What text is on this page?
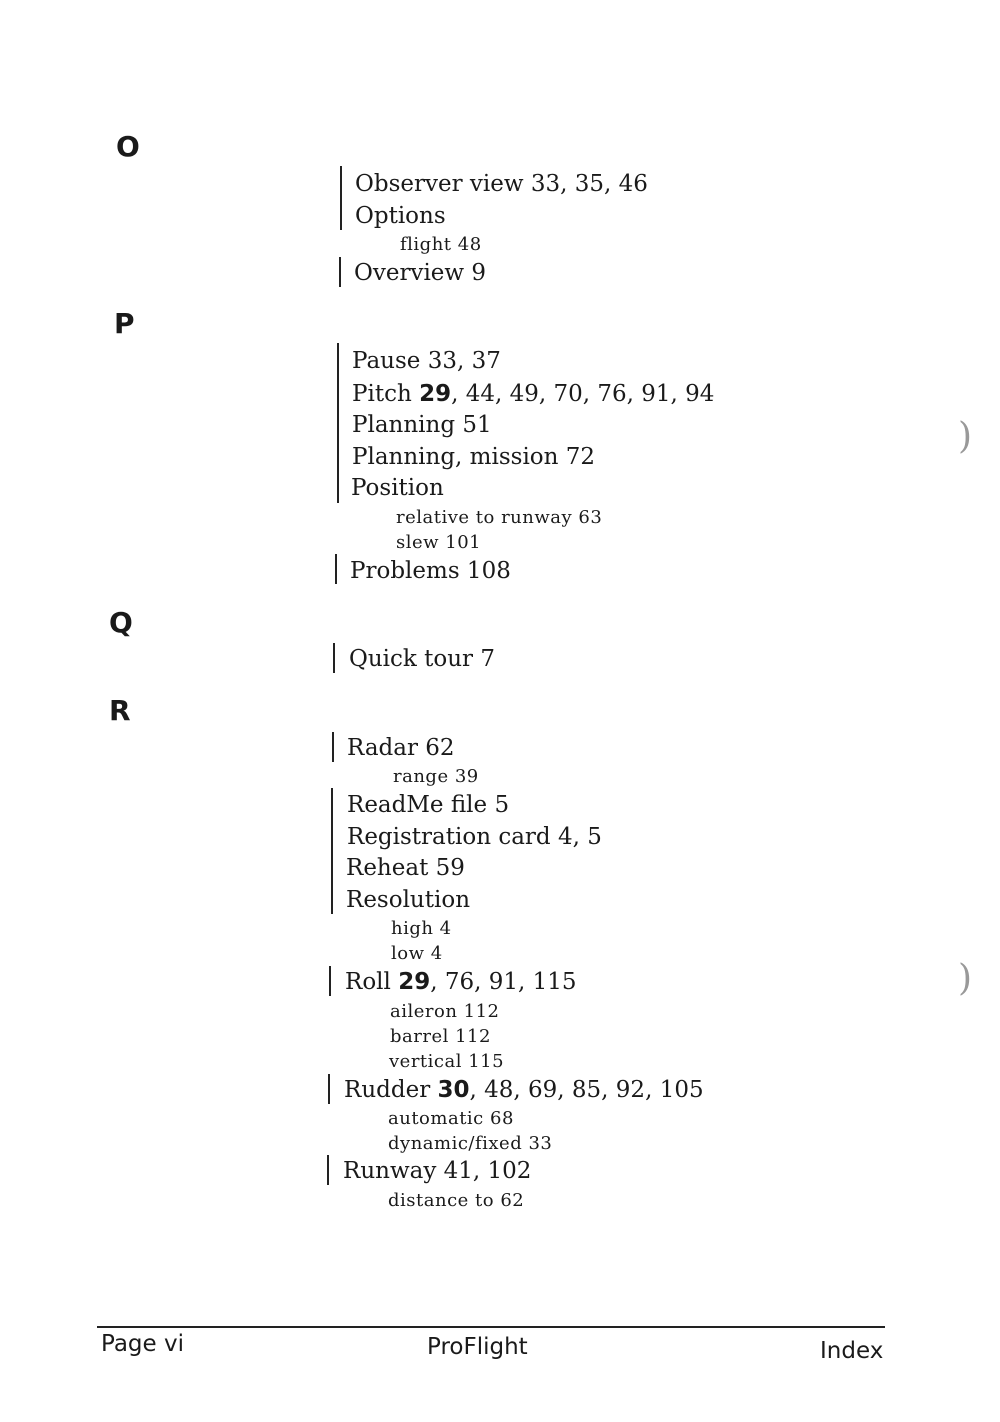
O
Observer view 33, 35, 46
Options
flight 48
Overview 9
P
Pause 33, 37
Pitch 29, 44, 49, 70, 76, 91, 94
Planning 51
Planning, mission 72
Position
relative to runway 63
slew 101
Problems 108
Q
Quick tour 7
R
Radar 62
range 39
ReadMe file 5
Registration card 4, 5
Reheat 59
Resolution
high 4
low 4
Roll 29, 76, 91, 115
aileron 112
barrel 112
vertical 115
Rudder 30, 48, 69, 85, 92, 105
automatic 68
dynamic/fixed 33
Runway 41, 102
distance to 62
)
)
Page vi	ProFlight	Index
